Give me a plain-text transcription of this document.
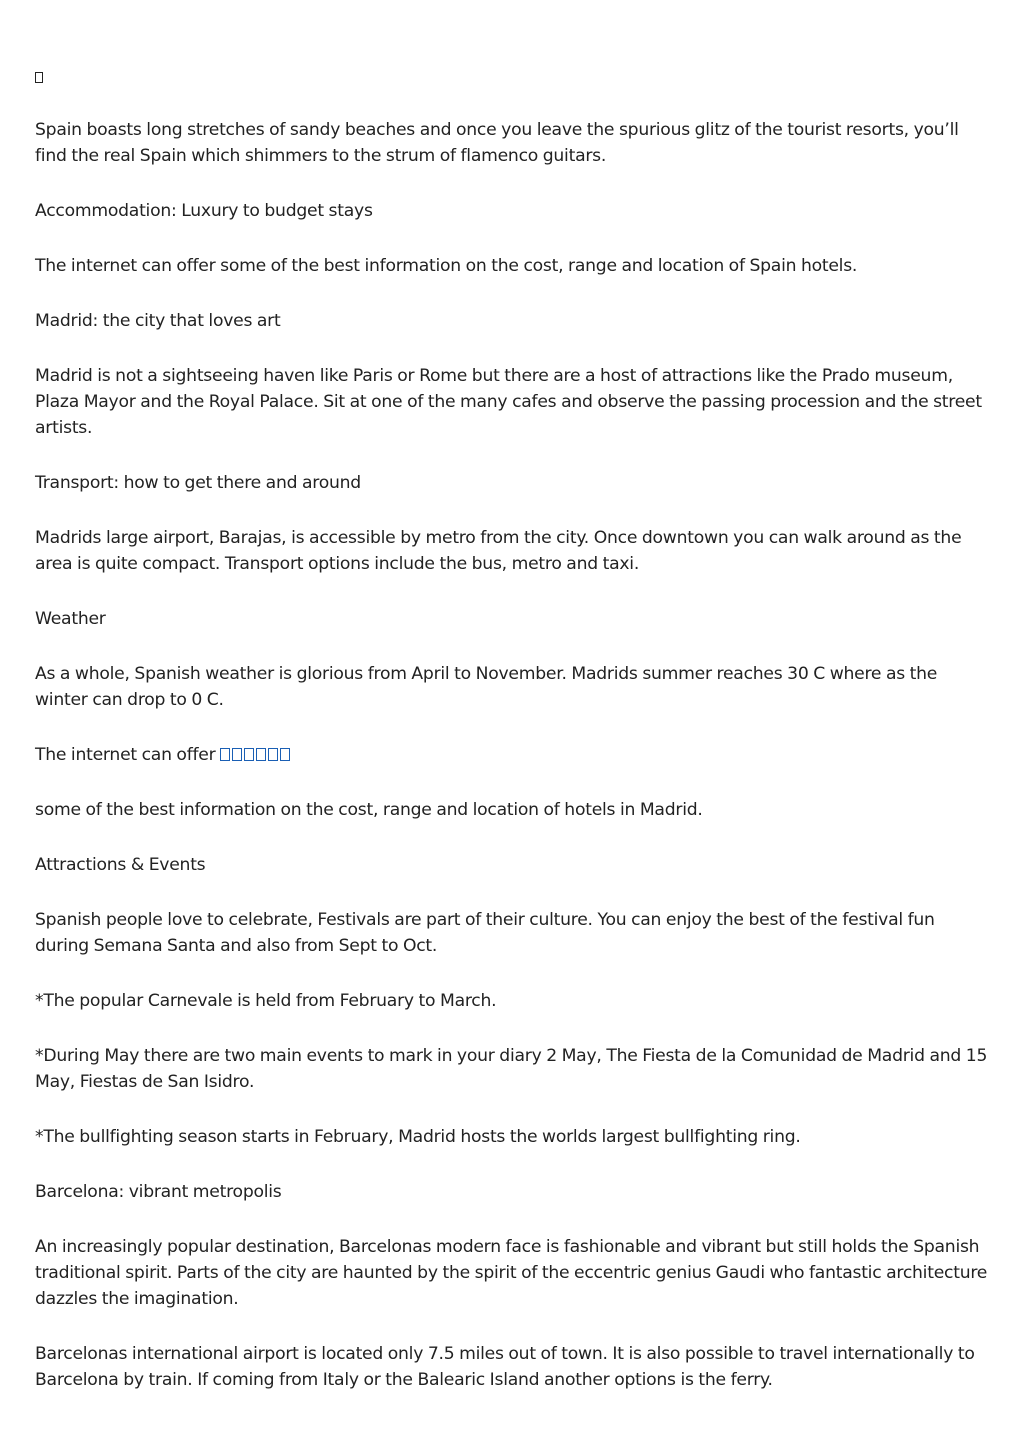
Spain boasts long stretches of sandy beaches and once you leave the spurious glitz of the tourist resorts, you’ll find the real Spain which shimmers to the strum of flamenco guitars.

Accommodation: Luxury to budget stays

The internet can offer some of the best information on the cost, range and location of Spain hotels.

Madrid: the city that loves art

Madrid is not a sightseeing haven like Paris or Rome but there are a host of attractions like the Prado museum, Plaza Mayor and the Royal Palace. Sit at one of the many cafes and observe the passing procession and the street artists.

Transport: how to get there and around

Madrids large airport, Barajas, is accessible by metro from the city. Once downtown you can walk around as the area is quite compact. Transport options include the bus, metro and taxi.

Weather

As a whole, Spanish weather is glorious from April to November. Madrids summer reaches 30 C where as the winter can drop to 0 C.

The internet can offer

some of the best information on the cost, range and location of hotels in Madrid.

Attractions & Events

Spanish people love to celebrate, Festivals are part of their culture. You can enjoy the best of the festival fun during Semana Santa and also from Sept to Oct.

*The popular Carnevale is held from February to March.

*During May there are two main events to mark in your diary 2 May, The Fiesta de la Comunidad de Madrid and 15 May, Fiestas de San Isidro.

*The bullfighting season starts in February, Madrid hosts the worlds largest bullfighting ring.

Barcelona: vibrant metropolis

An increasingly popular destination, Barcelonas modern face is fashionable and vibrant but still holds the Spanish traditional spirit. Parts of the city are haunted by the spirit of the eccentric genius Gaudi who fantastic architecture dazzles the imagination.

Barcelonas international airport is located only 7.5 miles out of town. It is also possible to travel internationally to Barcelona by train. If coming from Italy or the Balearic Island another options is the ferry.
